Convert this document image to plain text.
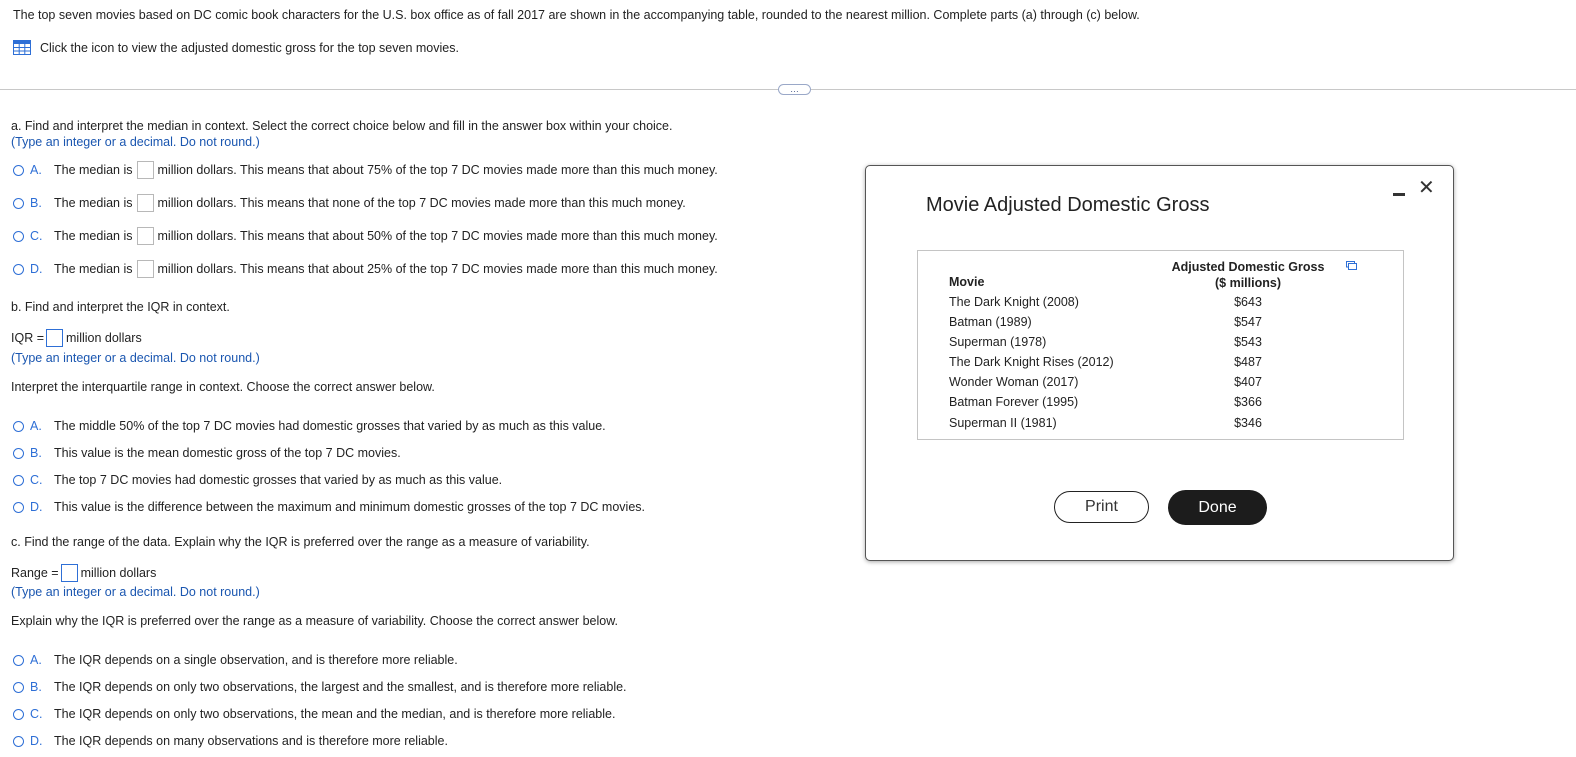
The top seven movies based on DC comic book characters for the U.S. box office as of fall 2017 are shown in the accompanying table, rounded to the nearest million. Complete parts (a) through (c) below.
Click the icon to view the adjusted domestic gross for the top seven movies.
…
a. Find and interpret the median in context. Select the correct choice below and fill in the answer box within your choice.
(Type an integer or a decimal. Do not round.)
A. The median is million dollars. This means that about 75% of the top 7 DC movies made more than this much money.
B. The median is million dollars. This means that none of the top 7 DC movies made more than this much money.
C. The median is million dollars. This means that about 50% of the top 7 DC movies made more than this much money.
D. The median is million dollars. This means that about 25% of the top 7 DC movies made more than this much money.
b. Find and interpret the IQR in context.
IQR = million dollars
(Type an integer or a decimal. Do not round.)
Interpret the interquartile range in context. Choose the correct answer below.
A. The middle 50% of the top 7 DC movies had domestic grosses that varied by as much as this value.
B. This value is the mean domestic gross of the top 7 DC movies.
C. The top 7 DC movies had domestic grosses that varied by as much as this value.
D. This value is the difference between the maximum and minimum domestic grosses of the top 7 DC movies.
c. Find the range of the data. Explain why the IQR is preferred over the range as a measure of variability.
Range = million dollars
(Type an integer or a decimal. Do not round.)
Explain why the IQR is preferred over the range as a measure of variability. Choose the correct answer below.
A. The IQR depends on a single observation, and is therefore more reliable.
B. The IQR depends on only two observations, the largest and the smallest, and is therefore more reliable.
C. The IQR depends on only two observations, the mean and the median, and is therefore more reliable.
D. The IQR depends on many observations and is therefore more reliable.
Movie Adjusted Domestic Gross
✕
Movie
Adjusted Domestic Gross
($ millions)
The Dark Knight (2008)	$643
Batman (1989)	$547
Superman (1978)	$543
The Dark Knight Rises (2012)	$487
Wonder Woman (2017)	$407
Batman Forever (1995)	$366
Superman II (1981)	$346
Print	Done
